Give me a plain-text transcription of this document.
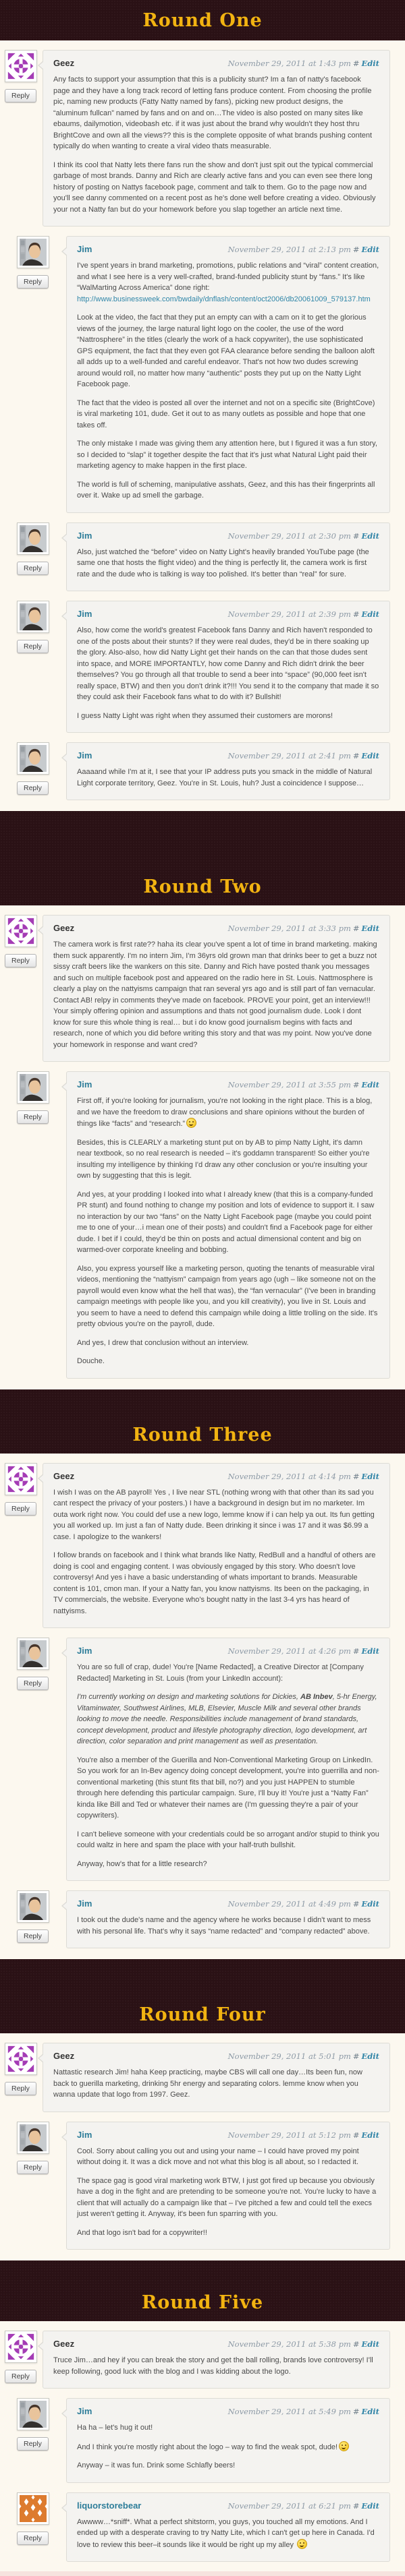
Round One
Reply
Geez	November 29, 2011 at 1:43 pm # Edit

Any facts to support your assumption that this is a publicity stunt? Im a fan of natty's facebook page and they have a long track record of letting fans produce content. From choosing the profile pic, naming new products (Fatty Natty named by fans), picking new product designs, the “aluminum fullcan” named by fans and on and on…The video is also posted on many sites like ebaums, dailymotion, videobash etc. if it was just about the brand why wouldn't they host thru BrightCove and own all the views?? this is the complete opposite of what brands pushing content typically do when wanting to create a viral video thats measurable.

I think its cool that Natty lets there fans run the show and don't just spit out the typical commercial garbage of most brands. Danny and Rich are clearly active fans and you can even see there long history of posting on Nattys facebook page, comment and talk to them. Go to the page now and you'll see danny commented on a recent post as he's done well before creating a video. Obviously your not a Natty fan but do your homework before you slap together an article next time.

Reply
Jim	November 29, 2011 at 2:13 pm # Edit

I've spent years in brand marketing, promotions, public relations and “viral” content creation, and what I see here is a very well-crafted, brand-funded publicity stunt by “fans.” It's like “WalMarting Across America” done right: http://www.businessweek.com/bwdaily/dnflash/content/oct2006/db20061009_579137.htm

Look at the video, the fact that they put an empty can with a cam on it to get the glorious views of the journey, the large natural light logo on the cooler, the use of the word “Nattrosphere” in the titles (clearly the work of a hack copywriter), the use sophisticated GPS equipment, the fact that they even got FAA clearance before sending the balloon aloft all adds up to a well-funded and careful endeavor. That's not how two dudes screwing around would roll, no matter how many “authentic” posts they put up on the Natty Light Facebook page.

The fact that the video is posted all over the internet and not on a specific site (BrightCove) is viral marketing 101, dude. Get it out to as many outlets as possible and hope that one takes off.

The only mistake I made was giving them any attention here, but I figured it was a fun story, so I decided to “slap” it together despite the fact that it's just what Natural Light paid their marketing agency to make happen in the first place.

The world is full of scheming, manipulative asshats, Geez, and this has their fingerprints all over it. Wake up ad smell the garbage.

Reply
Jim	November 29, 2011 at 2:30 pm # Edit

Also, just watched the “before” video on Natty Light's heavily branded YouTube page (the same one that hosts the flight video) and the thing is perfectly lit, the camera work is first rate and the dude who is talking is way too polished. It's better than “real” for sure.

Reply
Jim	November 29, 2011 at 2:39 pm # Edit

Also, how come the world's greatest Facebook fans Danny and Rich haven't responded to one of the posts about their stunts? If they were real dudes, they'd be in there soaking up the glory. Also-also, how did Natty Light get their hands on the can that those dudes sent into space, and MORE IMPORTANTLY, how come Danny and Rich didn't drink the beer themselves? You go through all that trouble to send a beer into “space” (90,000 feet isn't really space, BTW) and then you don't drink it?!!! You send it to the company that made it so they could ask their Facebook fans what to do with it? Bullshit!

I guess Natty Light was right when they assumed their customers are morons!

Reply
Jim	November 29, 2011 at 2:41 pm # Edit

Aaaaand while I'm at it, I see that your IP address puts you smack in the middle of Natural Light corporate territory, Geez. You're in St. Louis, huh? Just a coincidence I suppose…

Round Two
Reply
Geez	November 29, 2011 at 3:33 pm # Edit

The camera work is first rate?? haha its clear you've spent a lot of time in brand marketing. making them suck apparently. I'm no intern Jim, I'm 36yrs old grown man that drinks beer to get a buzz not sissy craft beers like the wankers on this site. Danny and Rich have posted thank you messages and such on multiple facebook post and appeared on the radio here in St. Louis. Nattmosphere is clearly a play on the nattyisms campaign that ran several yrs ago and is still part of fan vernacular. Contact AB! relpy in comments they've made on facebook. PROVE your point, get an interview!!! Your simply offering opinion and assumptions and thats not good journalism dude. Look I dont know for sure this whole thing is real… but i do know good journalism begins with facts and research, none of which you did before writing this story and that was my point. Now you've done your homework in response and want cred?

Reply
Jim	November 29, 2011 at 3:55 pm # Edit

First off, if you're looking for journalism, you're not looking in the right place. This is a blog, and we have the freedom to draw conclusions and share opinions without the burden of things like “facts” and “research.”

Besides, this is CLEARLY a marketing stunt put on by AB to pimp Natty Light, it's damn near textbook, so no real research is needed – it's goddamn transparent! So either you're insulting my intelligence by thinking I'd draw any other conclusion or you're insulting your own by suggesting that this is legit.

And yes, at your prodding I looked into what I already knew (that this is a company-funded PR stunt) and found nothing to change my position and lots of evidence to support it. I saw no interaction by our two “fans” on the Natty Light Facebook page (maybe you could point me to one of your…i mean one of their posts) and couldn't find a Facebook page for either dude. I bet if I could, they'd be thin on posts and actual dimensional content and big on warmed-over corporate kneeling and bobbing.

Also, you express yourself like a marketing person, quoting the tenants of measurable viral videos, mentioning the “nattyism” campaign from years ago (ugh – like someone not on the payroll would even know what the hell that was), the “fan vernacular” (I've been in branding campaign meetings with people like you, and you kill creativity), you live in St. Louis and you seem to have a need to defend this campaign while doing a little trolling on the side. It's pretty obvious you're on the payroll, dude.

And yes, I drew that conclusion without an interview.

Douche.

Round Three
Reply
Geez	November 29, 2011 at 4:14 pm # Edit

I wish I was on the AB payroll! Yes , I live near STL (nothing wrong with that other than its sad you cant respect the privacy of your posters.) I have a background in design but im no marketer. Im outa work right now. You could def use a new logo, lemme know if i can help ya out. Its fun getting you all worked up. Im just a fan of Natty dude. Been drinking it since i was 17 and it was $6.99 a case. I apologize to the wankers!

I follow brands on facebook and I think what brands like Natty, RedBull and a handful of others are doing is cool and engaging content. I was obviously engaged by this story. Who doesn't love controversy! And yes i have a basic understanding of whats important to brands. Measurable content is 101, cmon man. If your a Natty fan, you know nattyisms. Its been on the packaging, in TV commercials, the website. Everyone who's bought natty in the last 3-4 yrs has heard of nattyisms.

Reply
Jim	November 29, 2011 at 4:26 pm # Edit

You are so full of crap, dude! You're [Name Redacted], a Creative Director at [Company Redacted] Marketing in St. Louis (from your LinkedIn account):

I'm currently working on design and marketing solutions for Dickies, AB Inbev, 5-hr Energy, Vitaminwater, Southwest Airlines, MLB, Elsevier, Muscle Milk and several other brands looking to move the needle. Responsibilities include management of brand standards, concept development, product and lifestyle photography direction, logo development, art direction, color separation and print management as well as presentation.

You're also a member of the Guerilla and Non-Conventional Marketing Group on LinkedIn. So you work for an In-Bev agency doing concept development, you're into guerrilla and non-conventional marketing (this stunt fits that bill, no?) and you just HAPPEN to stumble through here defending this particular campaign. Sure, I'll buy it! You're just a “Natty Fan” kinda like Bill and Ted or whatever their names are (I'm guessing they're a pair of your copywriters).

I can't believe someone with your credentials could be so arrogant and/or stupid to think you could waltz in here and spam the place with your half-truth bullshit.

Anyway, how's that for a little research?

Reply
Jim	November 29, 2011 at 4:49 pm # Edit

I took out the dude's name and the agency where he works because I didn't want to mess with his personal life. That's why it says “name redacted” and “company redacted” above.

Round Four
Reply
Geez	November 29, 2011 at 5:01 pm # Edit

Nattastic research Jim! haha Keep practicing, maybe CBS will call one day…Its been fun, now back to guerilla marketing, drinking 5hr energy and separating colors. lemme know when you wanna update that logo from 1997. Geez.

Reply
Jim	November 29, 2011 at 5:12 pm # Edit

Cool. Sorry about calling you out and using your name – I could have proved my point without doing it. It was a dick move and not what this blog is all about, so I redacted it.

The space gag is good viral marketing work BTW, I just got fired up because you obviously have a dog in the fight and are pretending to be someone you're not. You're lucky to have a client that will actually do a campaign like that – I've pitched a few and could tell the execs just weren't getting it. Anyway, it's been fun sparring with you.

And that logo isn't bad for a copywriter!!

Round Five
Reply
Geez	November 29, 2011 at 5:38 pm # Edit

Truce Jim…and hey if you can break the story and get the ball rolling, brands love controversy! I'll keep following, good luck with the blog and I was kidding about the logo.

Reply
Jim	November 29, 2011 at 5:49 pm # Edit

Ha ha – let's hug it out!

And I think you're mostly right about the logo – way to find the weak spot, dude!

Anyway – it was fun. Drink some Schlafly beers!

Reply
liquorstorebear	November 29, 2011 at 6:21 pm # Edit

Awwww…*sniff*. What a perfect shitstorm, you guys, you touched all my emotions. And I ended up with a desperate craving to try Natty Lite, which I can't get up here in Canada. I'd love to review this beer–it sounds like it would be right up my alley
